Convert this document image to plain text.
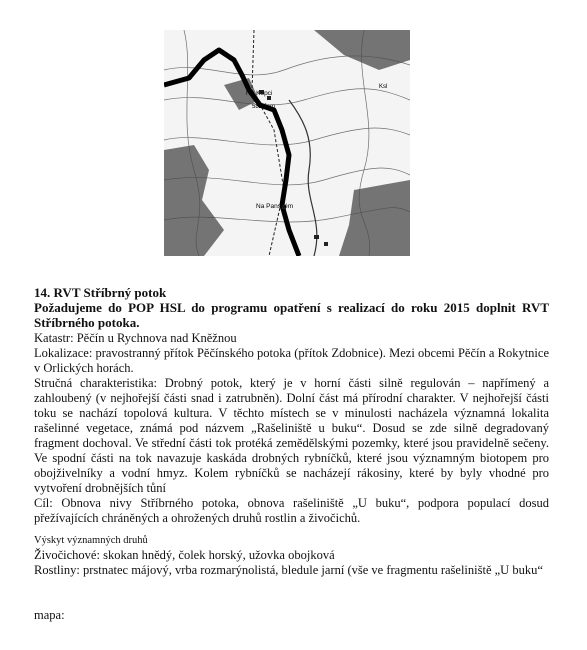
Na Kopci
582 Jam
Na Panském
Ksl
14. RVT Stříbrný potok
Požadujeme do POP HSL do programu opatření s realizací do roku 2015 doplnit RVT Stříbrného potoka.

Katastr: Pěčín u Rychnova nad Kněžnou

Lokalizace: pravostranný přítok Pěčínského potoka (přítok Zdobnice). Mezi obcemi Pěčín a Rokytnice v Orlických horách.

Stručná charakteristika: Drobný potok, který je v horní části silně regulován – napřímený a zahloubený (v nejhořejší části snad i zatrubněn). Dolní část má přírodní charakter. V nejhořejší části toku se nachází topolová kultura. V těchto místech se v minulosti nacházela významná lokalita rašelinné vegetace, známá pod názvem „Rašeliniště u buku“. Dosud se zde silně degradovaný fragment dochoval. Ve střední části tok protéká zemědělskými pozemky, které jsou pravidelně sečeny. Ve spodní části na tok navazuje kaskáda drobných rybníčků, které jsou významným biotopem pro obojživelníky a vodní hmyz. Kolem rybníčků se nacházejí rákosiny, které by byly vhodné pro vytvoření drobnějších tůní

Cíl: Obnova nivy Stříbrného potoka, obnova rašeliniště „U buku“, podpora populací dosud přežívajících chráněných a ohrožených druhů rostlin a živočichů.

Výskyt významných druhů

Živočichové: skokan hnědý, čolek horský, užovka obojková

Rostliny: prstnatec májový, vrba rozmarýnolistá, bledule jarní (vše ve fragmentu rašeliniště „U buku“

mapa:
